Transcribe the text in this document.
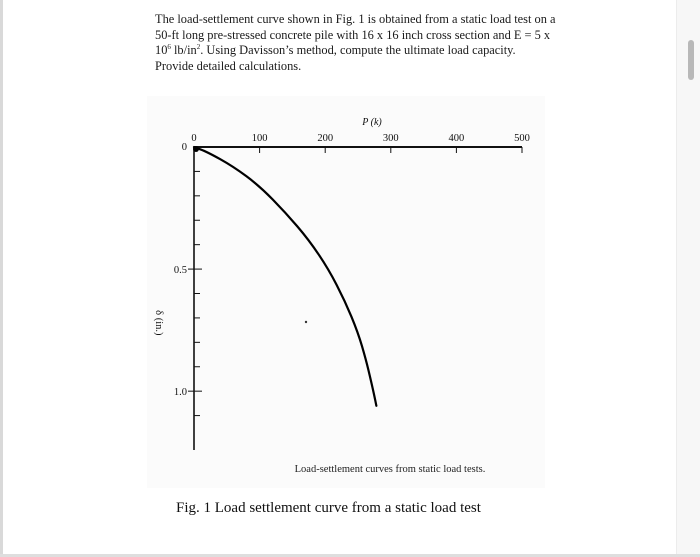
The load-settlement curve shown in Fig. 1 is obtained from a static load test on a
50-ft long pre-stressed concrete pile with 16 x 16 inch cross section and E = 5 x
$10^6$ $lb/in^2$. Using Davisson’s method, compute the ultimate load capacity.
Provide detailed calculations.
0	100	200	300	400	500
P (k)
0
0.5
1.0
δ (in.)
Load-settlement curves from static load tests.
Fig. 1 Load settlement curve from a static load test
